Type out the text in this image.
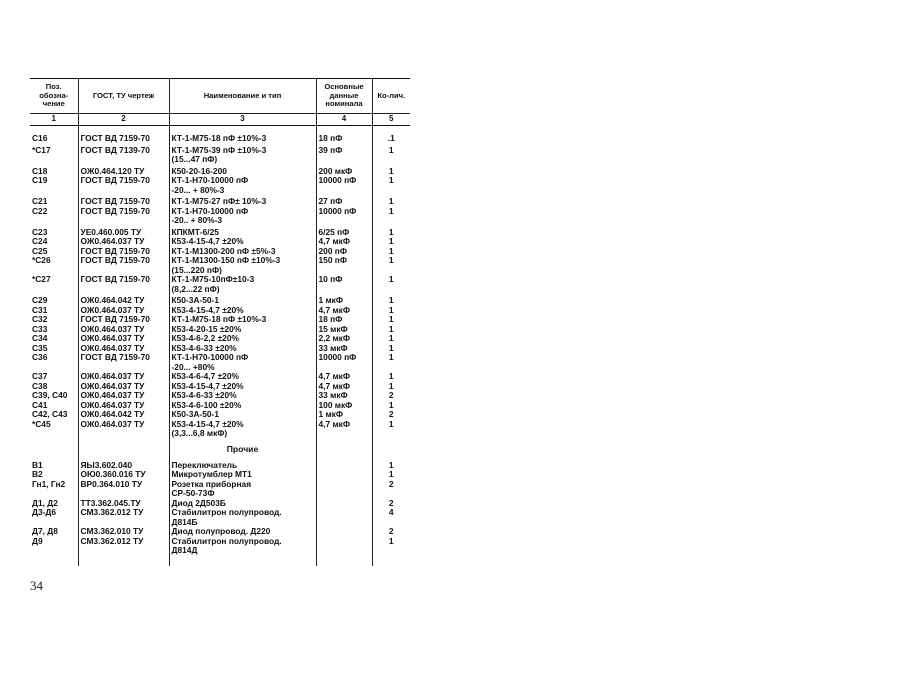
Поз. обозна-чение	ГОСТ, ТУ чертеж	Наименование и тип	Основные данные номинала	Ко-лич.
1	2	3	4	5

C16	ГОСТ ВД 7159-70	КТ-1-М75-18 пФ ±10%-3	18 пФ	.1

*C17	ГОСТ ВД 7139-70	КТ-1-М75-39 пФ ±10%-3	39 пФ	1
		(15...47 пФ)		

C18	ОЖ0.464.120 ТУ	К50-20-16-200	200 мкФ	1
C19	ГОСТ ВД 7159-70	КТ-1-Н70-10000 пФ	10000 пФ	1
		-20... + 80%-3		

C21	ГОСТ ВД 7159-70	КТ-1-М75-27 пФ± 10%-3	27 пФ	1
C22	ГОСТ ВД 7159-70	КТ-1-Н70-10000 пФ	10000 пФ	1
		-20.. + 80%-3		

C23	УЕ0.460.005 ТУ	КПКМТ-6/25	6/25 пФ	1
C24	ОЖ0.464.037 ТУ	К53-4-15-4,7 ±20%	4,7 мкФ	1
C25	ГОСТ ВД 7159-70	КТ-1-М1300-200 пФ ±5%-3	200 пФ	1
*C26	ГОСТ ВД 7159-70	КТ-1-М1300-150 пФ ±10%-3	150 пФ	1
		(15...220 пФ)		
*C27	ГОСТ ВД 7159-70	КТ-1-М75-10пФ±10-3	10 пФ	1
		(8,2...22 пФ)		

C29	ОЖ0.464.042 ТУ	К50-3А-50-1	1 мкФ	1
C31	ОЖ0.464.037 ТУ	К53-4-15-4,7 ±20%	4,7 мкФ	1
C32	ГОСТ ВД 7159-70	КТ-1-М75-18 пФ ±10%-3	18 пФ	1
C33	ОЖ0.464.037 ТУ	К53-4-20-15 ±20%	15 мкФ	1
C34	ОЖ0.464.037 ТУ	К53-4-6-2,2 ±20%	2,2 мкФ	1
C35	ОЖ0.464.037 ТУ	К53-4-6-33 ±20%	33 мкФ	1
C36	ГОСТ ВД 7159-70	КТ-1-Н70-10000 пФ	10000 пФ	1
		-20... +80%		
C37	ОЖ0.464.037 ТУ	К53-4-6-4,7 ±20%	4,7 мкФ	1
C38	ОЖ0.464.037 ТУ	К53-4-15-4,7 ±20%	4,7 мкФ	1
C39, C40	ОЖ0.464.037 ТУ	К53-4-6-33 ±20%	33 мкФ	2
C41	ОЖ0.464.037 ТУ	К53-4-6-100 ±20%	100 мкФ	1
C42, C43	ОЖ0.464.042 ТУ	К50-3А-50-1	1 мкФ	2
*C45	ОЖ0.464.037 ТУ	К53-4-15-4,7 ±20%	4,7 мкФ	1
		(3,3...6,8 мкФ)		

		Прочие		

B1	ЯЫ3.602.040	Переключатель		1
B2	ОЮ0.360.016 ТУ	Микротумблер МТ1		1
Гн1, Гн2	ВР0.364.010 ТУ	Розетка приборная		2
		СР-50-73Ф		
Д1, Д2	ТТ3.362.045.ТУ	Диод 2Д503Б		2
Д3-Д6	СМ3.362.012 ТУ	Стабилитрон полупровод.		4
		Д814Б		
Д7, Д8	СМ3.362.010 ТУ	Диод полупровод. Д220		2
Д9	СМ3.362.012 ТУ	Стабилитрон полупровод.		1
		Д814Д		

34
